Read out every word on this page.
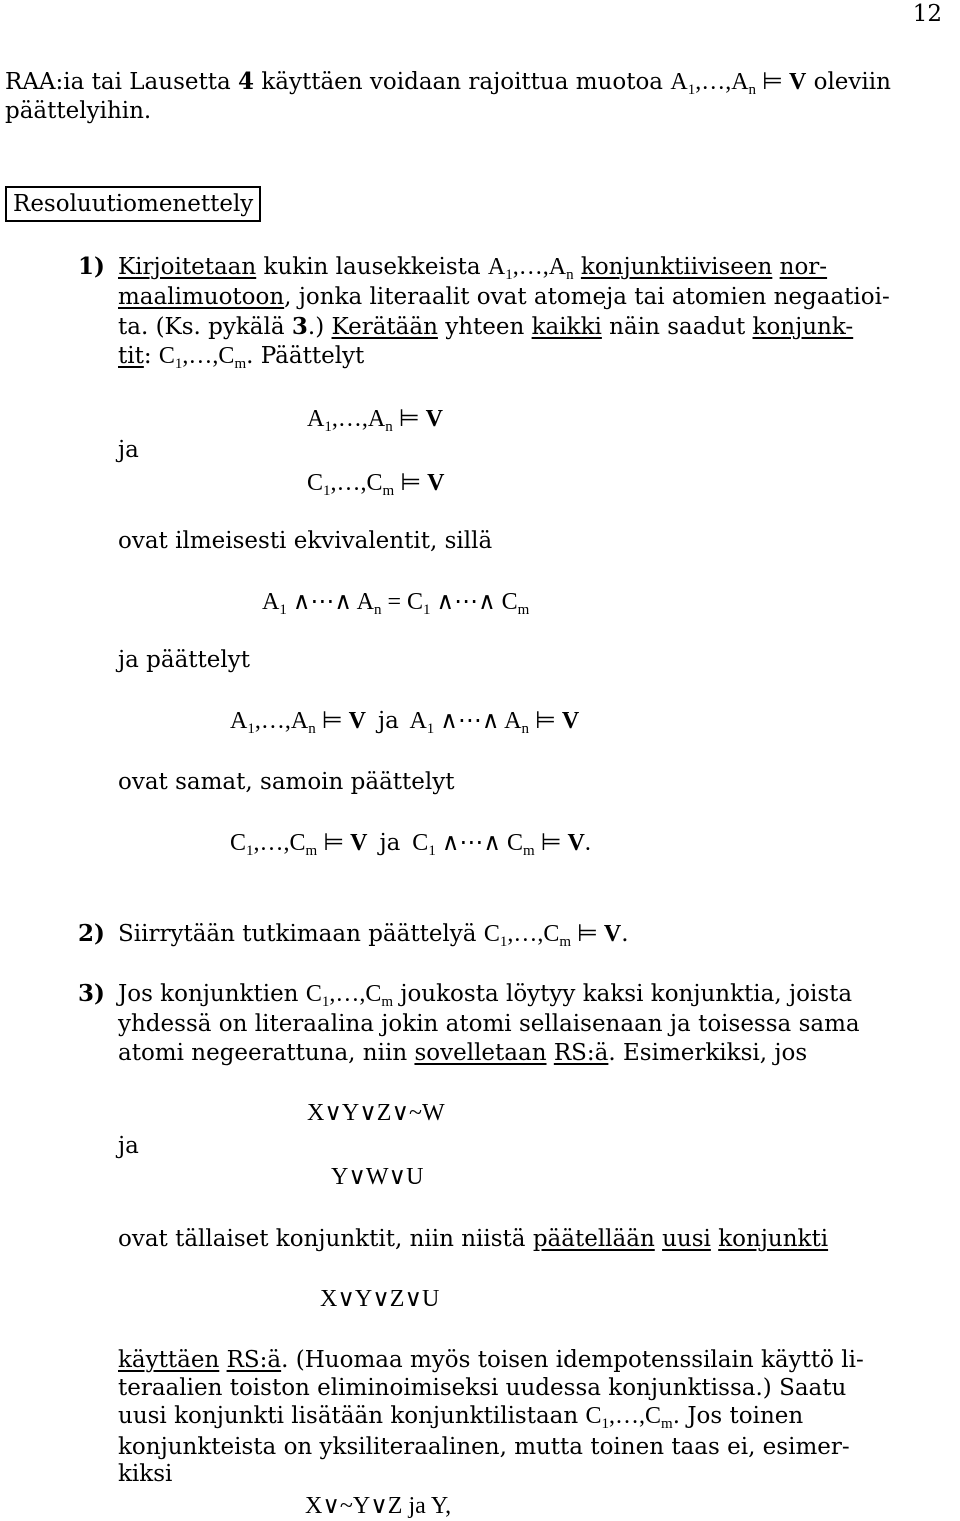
12
RAA:ia tai Lausetta 4 käyttäen voidaan rajoittua muotoa $A_1,\dots,A_n$ ⊨ V oleviin
päättelyihin.
Resoluutiomenettely
1) Kirjoitetaan kukin lausekkeista $A_1,\dots,A_n$ konjunktiiviseen nor-
maalimuotoon, jonka literaalit ovat atomeja tai atomien negaatioi-
ta. (Ks. pykälä 3.) Kerätään yhteen kaikki näin saadut konjunk-
tit: $C_1,\dots,C_m$. Päättelyt
ja
$A_1,\dots,A_n$ ⊨ V
$C_1,\dots,C_m$ ⊨ V
ovat ilmeisesti ekvivalentit, sillä
$A_1$ ∧⋯∧ $A_n = C_1$ ∧⋯∧ $C_m$
ja päättelyt
$A_1,\dots,A_n$ ⊨ V ja  $A_1$ ∧⋯∧ $A_n$ ⊨ V
ovat samat, samoin päättelyt
$C_1,\dots,C_m$ ⊨ V ja  $C_1$ ∧⋯∧ $C_m$ ⊨ V.
2) Siirrytään tutkimaan päättelyä $C_1,\dots,C_m$ ⊨ V.
3) Jos konjunktien $C_1,\dots,C_m$ joukosta löytyy kaksi konjunktia, joista
yhdessä on literaalina jokin atomi sellaisenaan ja toisessa sama
atomi negeerattuna, niin sovelletaan RS:ä. Esimerkiksi, jos
ja
X∨Y∨Z∨~W
Y∨W∨U
ovat tällaiset konjunktit, niin niistä päätellään uusi konjunkti
X∨Y∨Z∨U
käyttäen RS:ä. (Huomaa myös toisen idempotenssilain käyttö li-
teraalien toiston eliminoimiseksi uudessa konjunktissa.) Saatu
uusi konjunkti lisätään konjunktilistaan $C_1,\dots,C_m$. Jos toinen
konjunkteista on yksiliteraalinen, mutta toinen taas ei, esimer-
kiksi
X∨~Y∨Z ja Y,
